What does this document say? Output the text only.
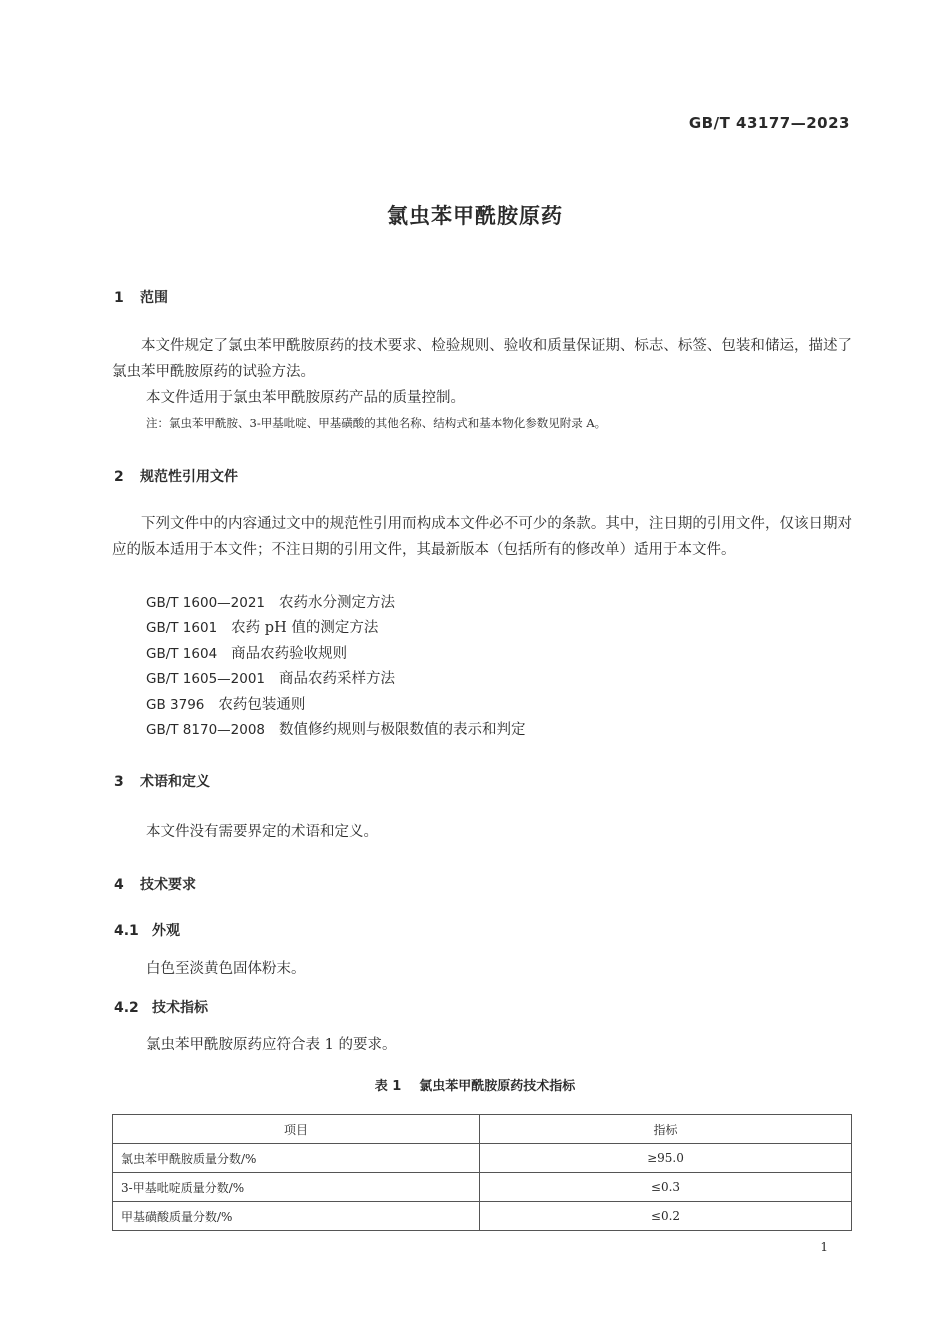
GB/T 43177—2023
氯虫苯甲酰胺原药
1 范围
本文件规定了氯虫苯甲酰胺原药的技术要求、检验规则、验收和质量保证期、标志、标签、包装和储运，描述了氯虫苯甲酰胺原药的试验方法。
本文件适用于氯虫苯甲酰胺原药产品的质量控制。
注：氯虫苯甲酰胺、3-甲基吡啶、甲基磺酸的其他名称、结构式和基本物化参数见附录 A。
2 规范性引用文件
下列文件中的内容通过文中的规范性引用而构成本文件必不可少的条款。其中，注日期的引用文件，仅该日期对应的版本适用于本文件；不注日期的引用文件，其最新版本（包括所有的修改单）适用于本文件。
GB/T 1600—2021 农药水分测定方法
GB/T 1601 农药 pH 值的测定方法
GB/T 1604 商品农药验收规则
GB/T 1605—2001 商品农药采样方法
GB 3796 农药包装通则
GB/T 8170—2008 数值修约规则与极限数值的表示和判定
3 术语和定义
本文件没有需要界定的术语和定义。
4 技术要求
4.1 外观
白色至淡黄色固体粉末。
4.2 技术指标
氯虫苯甲酰胺原药应符合表 1 的要求。
表 1 氯虫苯甲酰胺原药技术指标
项目	指标
氯虫苯甲酰胺质量分数/%	≥95.0
3-甲基吡啶质量分数/%	≤0.3
甲基磺酸质量分数/%	≤0.2
1
